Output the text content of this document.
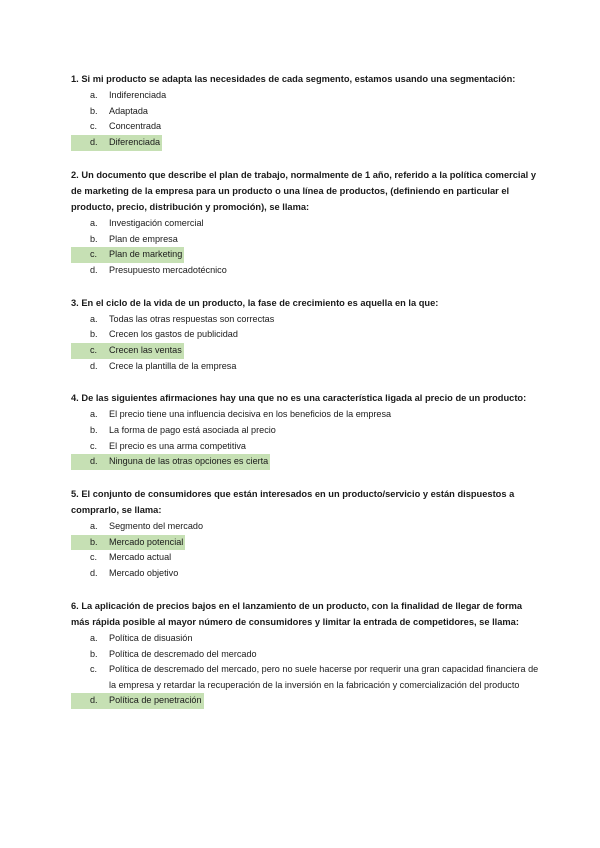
1. Si mi producto se adapta las necesidades de cada segmento, estamos usando una segmentación:

a.	Indiferenciada
b.	Adaptada
c.	Concentrada
d.	Diferenciada

2. Un documento que describe el plan de trabajo, normalmente de 1 año, referido a la política comercial y de marketing de la empresa para un producto o una línea de productos, (definiendo en particular el producto, precio, distribución y promoción), se llama:

a.	Investigación comercial
b.	Plan de empresa
c.	Plan de marketing
d.	Presupuesto mercadotécnico

3. En el ciclo de la vida de un producto, la fase de crecimiento es aquella en la que:

a.	Todas las otras respuestas son correctas
b.	Crecen los gastos de publicidad
c.	Crecen las ventas
d.	Crece la plantilla de la empresa

4. De las siguientes afirmaciones hay una que no es una característica ligada al precio de un producto:

a.	El precio tiene una influencia decisiva en los beneficios de la empresa
b.	La forma de pago está asociada al precio
c.	El precio es una arma competitiva
d.	Ninguna de las otras opciones es cierta

5. El conjunto de consumidores que están interesados en un producto/servicio y están dispuestos a comprarlo, se llama:

a.	Segmento del mercado
b.	Mercado potencial
c.	Mercado actual
d.	Mercado objetivo

6. La aplicación de precios bajos en el lanzamiento de un producto, con la finalidad de llegar de forma más rápida posible al mayor número de consumidores y limitar la entrada de competidores, se llama:

a.	Política de disuasión
b.	Política de descremado del mercado
c.	Política de descremado del mercado, pero no suele hacerse por requerir una gran capacidad financiera de la empresa y retardar la recuperación de la inversión en la fabricación y comercialización del producto
d.	Política de penetración
